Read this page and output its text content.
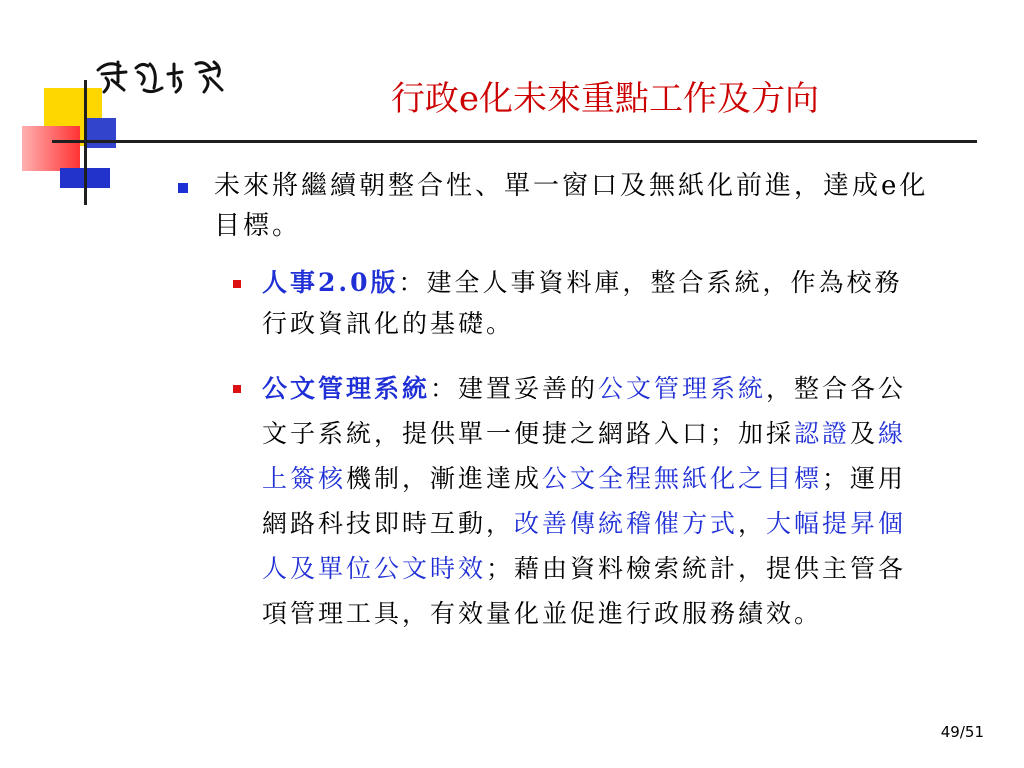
行政e化未來重點工作及方向
未來將繼續朝整合性、單一窗口及無紙化前進，達成e化目標。
人事2.0版：建全人事資料庫，整合系統，作為校務行政資訊化的基礎。
公文管理系統：建置妥善的公文管理系統，整合各公文子系統，提供單一便捷之網路入口；加採認證及線上簽核機制，漸進達成公文全程無紙化之目標；運用網路科技即時互動，改善傳統稽催方式，大幅提昇個人及單位公文時效；藉由資料檢索統計，提供主管各項管理工具，有效量化並促進行政服務績效。
49/51
